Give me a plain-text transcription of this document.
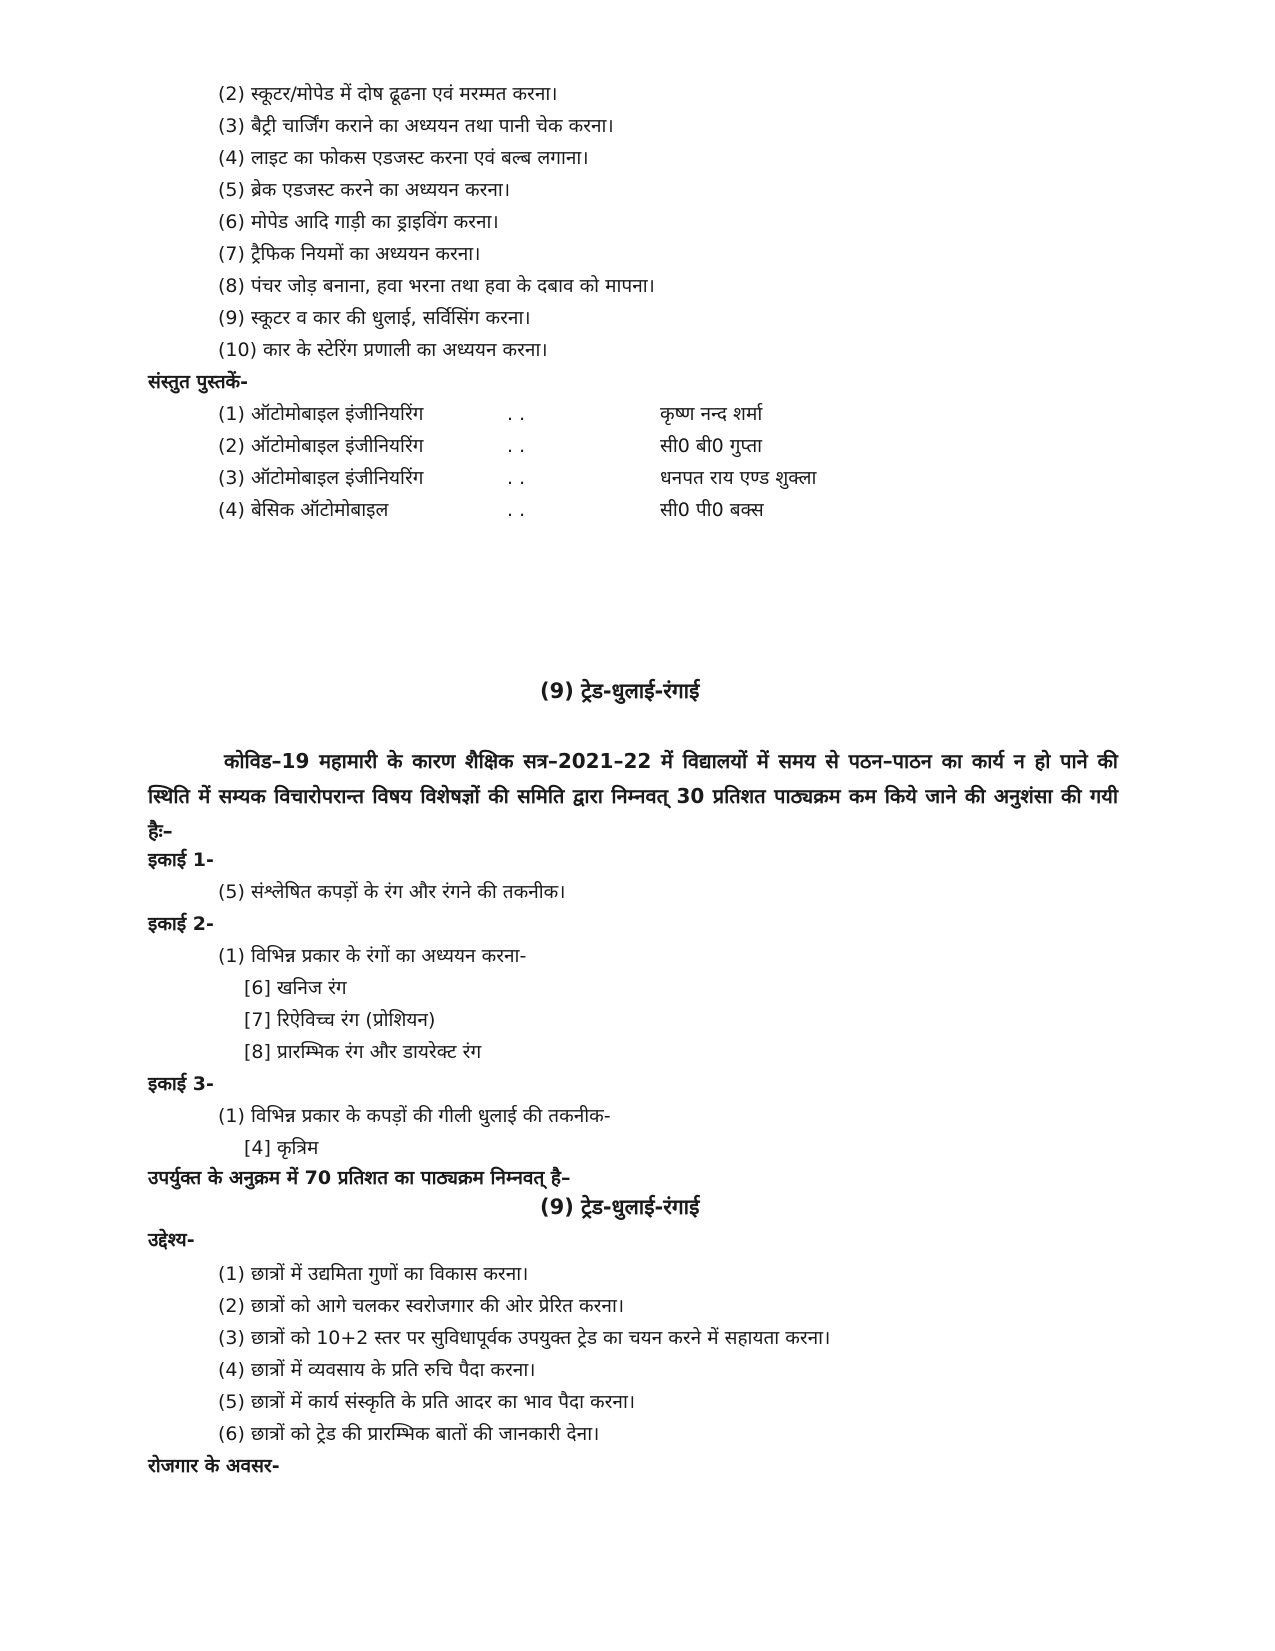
(2) स्कूटर/मोपेड में दोष ढूढना एवं मरम्मत करना।
(3) बैट्री चार्जिंग कराने का अध्ययन तथा पानी चेक करना।
(4) लाइट का फोकस एडजस्ट करना एवं बल्ब लगाना।
(5) ब्रेक एडजस्ट करने का अध्ययन करना।
(6) मोपेड आदि गाड़ी का ड्राइविंग करना।
(7) ट्रैफिक नियमों का अध्ययन करना।
(8) पंचर जोड़ बनाना, हवा भरना तथा हवा के दबाव को मापना।
(9) स्कूटर व कार की धुलाई, सर्विसिंग करना।
(10) कार के स्टेरिंग प्रणाली का अध्ययन करना।
संस्तुत पुस्तकें-
(1) ऑटोमोबाइल इंजीनियरिंग	. .	कृष्ण नन्द शर्मा
(2) ऑटोमोबाइल इंजीनियरिंग	. .	सी0 बी0 गुप्ता
(3) ऑटोमोबाइल इंजीनियरिंग	. .	धनपत राय एण्ड शुक्ला
(4) बेसिक ऑटोमोबाइल	. .	सी0 पी0 बक्स
(9) ट्रेड-धुलाई-रंगाई
कोविड–19 महामारी के कारण शैक्षिक सत्र–2021–22 में विद्यालयों में समय से पठन–पाठन का कार्य न हो पाने की स्थिति में सम्यक विचारोपरान्त विषय विशेषज्ञों की समिति द्वारा निम्नवत् 30 प्रतिशत पाठ्यक्रम कम किये जाने की अनुशंसा की गयी हैः–
इकाई 1-
(5) संश्लेषित कपड़ों के रंग और रंगने की तकनीक।
इकाई 2-
(1) विभिन्न प्रकार के रंगों का अध्ययन करना-
[6] खनिज रंग
[7] रिऐविच्च रंग (प्रोशियन)
[8] प्रारम्भिक रंग और डायरेक्ट रंग
इकाई 3-
(1) विभिन्न प्रकार के कपड़ों की गीली धुलाई की तकनीक-
[4] कृत्रिम
उपर्युक्त के अनुक्रम में 70 प्रतिशत का पाठ्यक्रम निम्नवत् है–
(9) ट्रेड-धुलाई-रंगाई
उद्देश्य-
(1) छात्रों में उद्यमिता गुणों का विकास करना।
(2) छात्रों को आगे चलकर स्वरोजगार की ओर प्रेरित करना।
(3) छात्रों को 10+2 स्तर पर सुविधापूर्वक उपयुक्त ट्रेड का चयन करने में सहायता करना।
(4) छात्रों में व्यवसाय के प्रति रुचि पैदा करना।
(5) छात्रों में कार्य संस्कृति के प्रति आदर का भाव पैदा करना।
(6) छात्रों को ट्रेड की प्रारम्भिक बातों की जानकारी देना।
रोजगार के अवसर-
